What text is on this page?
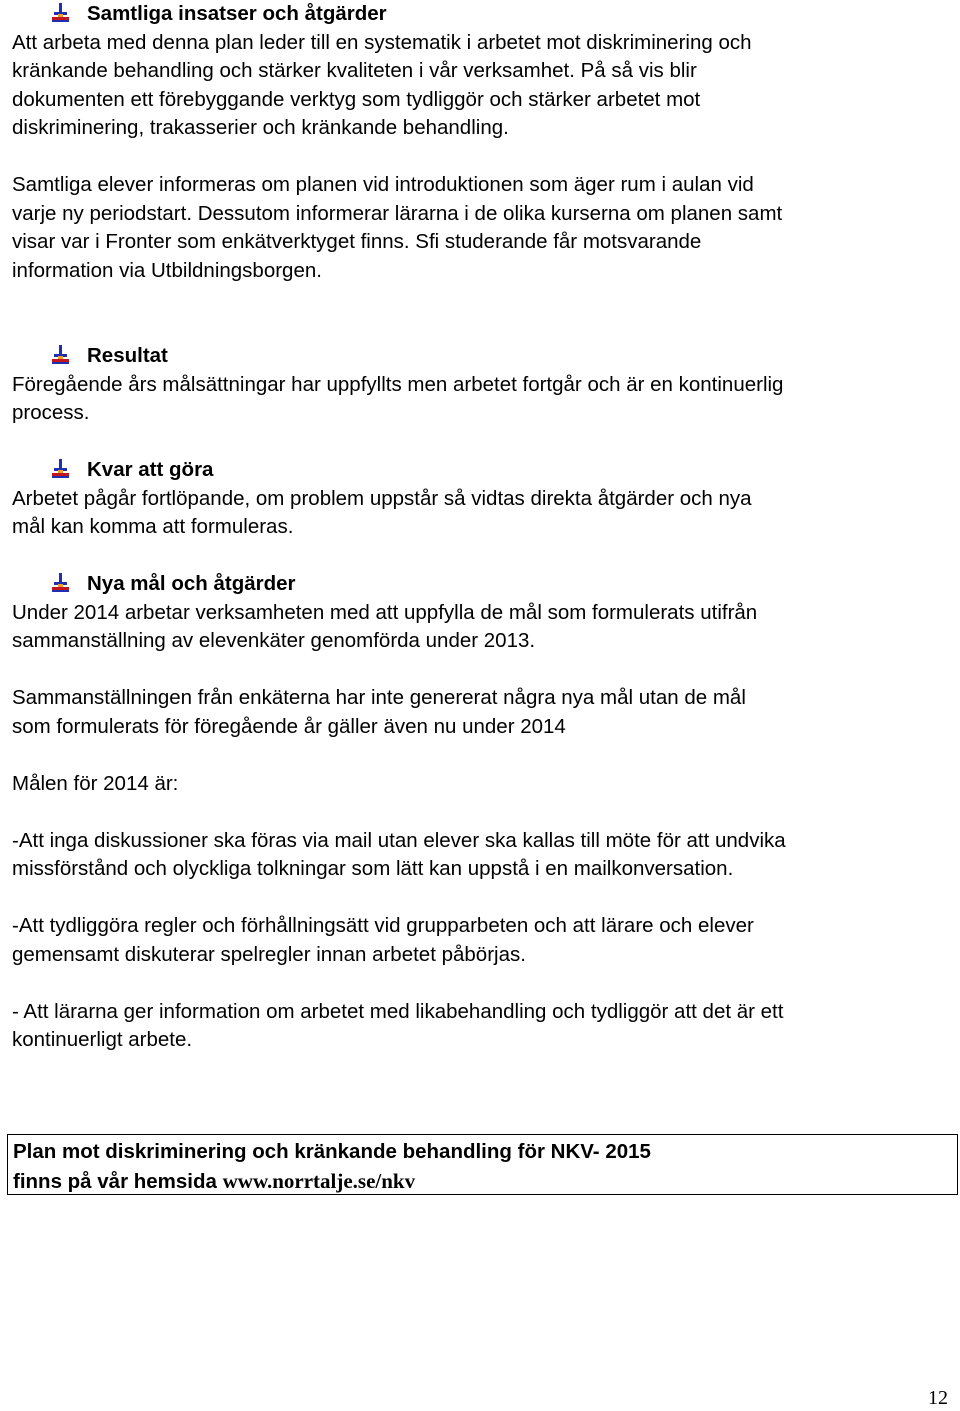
Samtliga insatser och åtgärder
Att arbeta med denna plan leder till en systematik i arbetet mot diskriminering och
kränkande behandling och stärker kvaliteten i vår verksamhet. På så vis blir
dokumenten ett förebyggande verktyg som tydliggör och stärker arbetet mot
diskriminering, trakasserier och kränkande behandling.
Samtliga elever informeras om planen vid introduktionen som äger rum i aulan vid
varje ny periodstart. Dessutom informerar lärarna i de olika kurserna om planen samt
visar var i Fronter som enkätverktyget finns. Sfi studerande får motsvarande
information via Utbildningsborgen.
Resultat
Föregående års målsättningar har uppfyllts men arbetet fortgår och är en kontinuerlig
process.
Kvar att göra
Arbetet pågår fortlöpande, om problem uppstår så vidtas direkta åtgärder och nya
mål kan komma att formuleras.
Nya mål och åtgärder
Under 2014 arbetar verksamheten med att uppfylla de mål som formulerats utifrån
sammanställning av elevenkäter genomförda under 2013.
Sammanställningen från enkäterna har inte genererat några nya mål utan de mål
som formulerats för föregående år gäller även nu under 2014
Målen för 2014 är:
-Att inga diskussioner ska föras via mail utan elever ska kallas till möte för att undvika
missförstånd och olyckliga tolkningar som lätt kan uppstå i en mailkonversation.
-Att tydliggöra regler och förhållningsätt vid grupparbeten och att lärare och elever
gemensamt diskuterar spelregler innan arbetet påbörjas.
- Att lärarna ger information om arbetet med likabehandling och tydliggör att det är ett
kontinuerligt arbete.
Plan mot diskriminering och kränkande behandling för NKV- 2015
finns på vår hemsida www.norrtalje.se/nkv
12
